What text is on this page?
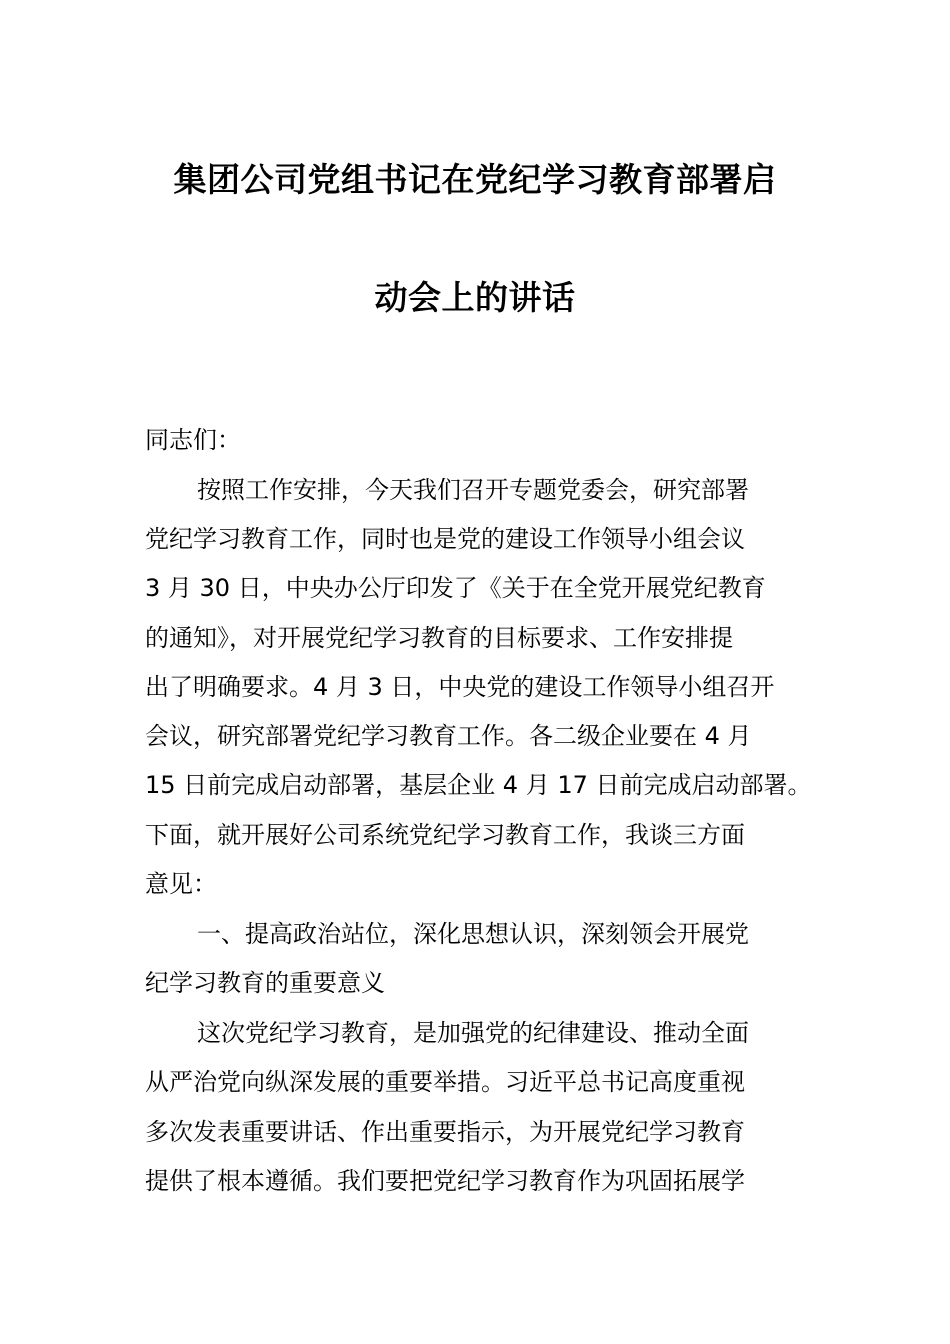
集团公司党组书记在党纪学习教育部署启
动会上的讲话
同志们：
按照工作安排，今天我们召开专题党委会，研究部署
党纪学习教育工作，同时也是党的建设工作领导小组会议
3 月 30 日，中央办公厅印发了《关于在全党开展党纪教育
的通知》，对开展党纪学习教育的目标要求、工作安排提
出了明确要求。4 月 3 日，中央党的建设工作领导小组召开
会议，研究部署党纪学习教育工作。各二级企业要在 4 月
15 日前完成启动部署，基层企业 4 月 17 日前完成启动部署。
下面，就开展好公司系统党纪学习教育工作，我谈三方面
意见：
一、提高政治站位，深化思想认识，深刻领会开展党
纪学习教育的重要意义
这次党纪学习教育，是加强党的纪律建设、推动全面
从严治党向纵深发展的重要举措。习近平总书记高度重视
多次发表重要讲话、作出重要指示，为开展党纪学习教育
提供了根本遵循。我们要把党纪学习教育作为巩固拓展学
